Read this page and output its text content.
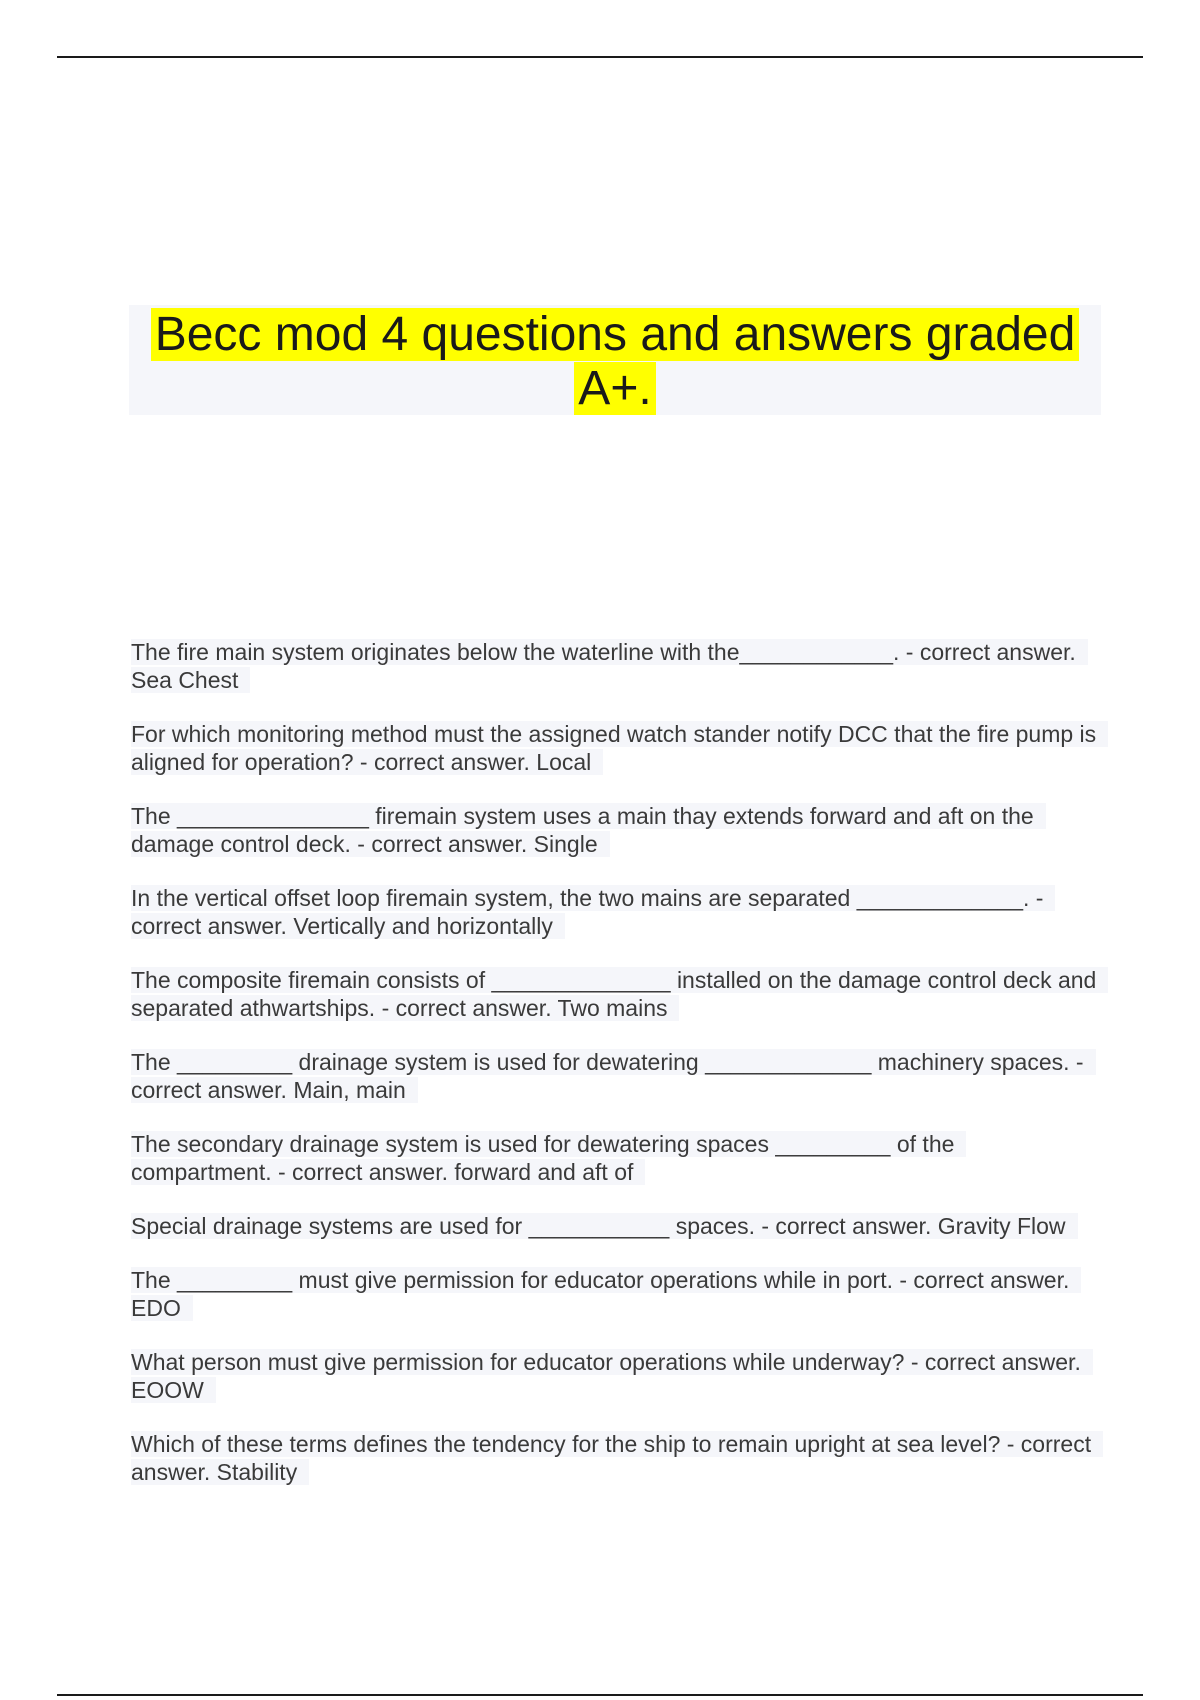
Becc mod 4 questions and answers graded A+.

The fire main system originates below the waterline with the____________. - correct answer. Sea Chest

For which monitoring method must the assigned watch stander notify DCC that the fire pump is aligned for operation? - correct answer. Local

The _______________ firemain system uses a main thay extends forward and aft on the damage control deck. - correct answer. Single

In the vertical offset loop firemain system, the two mains are separated _____________. - correct answer. Vertically and horizontally

The composite firemain consists of ______________ installed on the damage control deck and separated athwartships. - correct answer. Two mains

The _________ drainage system is used for dewatering _____________ machinery spaces. - correct answer. Main, main

The secondary drainage system is used for dewatering spaces _________ of the compartment. - correct answer. forward and aft of

Special drainage systems are used for ___________ spaces. - correct answer. Gravity Flow

The _________ must give permission for educator operations while in port. - correct answer. EDO

What person must give permission for educator operations while underway? - correct answer. EOOW

Which of these terms defines the tendency for the ship to remain upright at sea level? - correct answer. Stability
